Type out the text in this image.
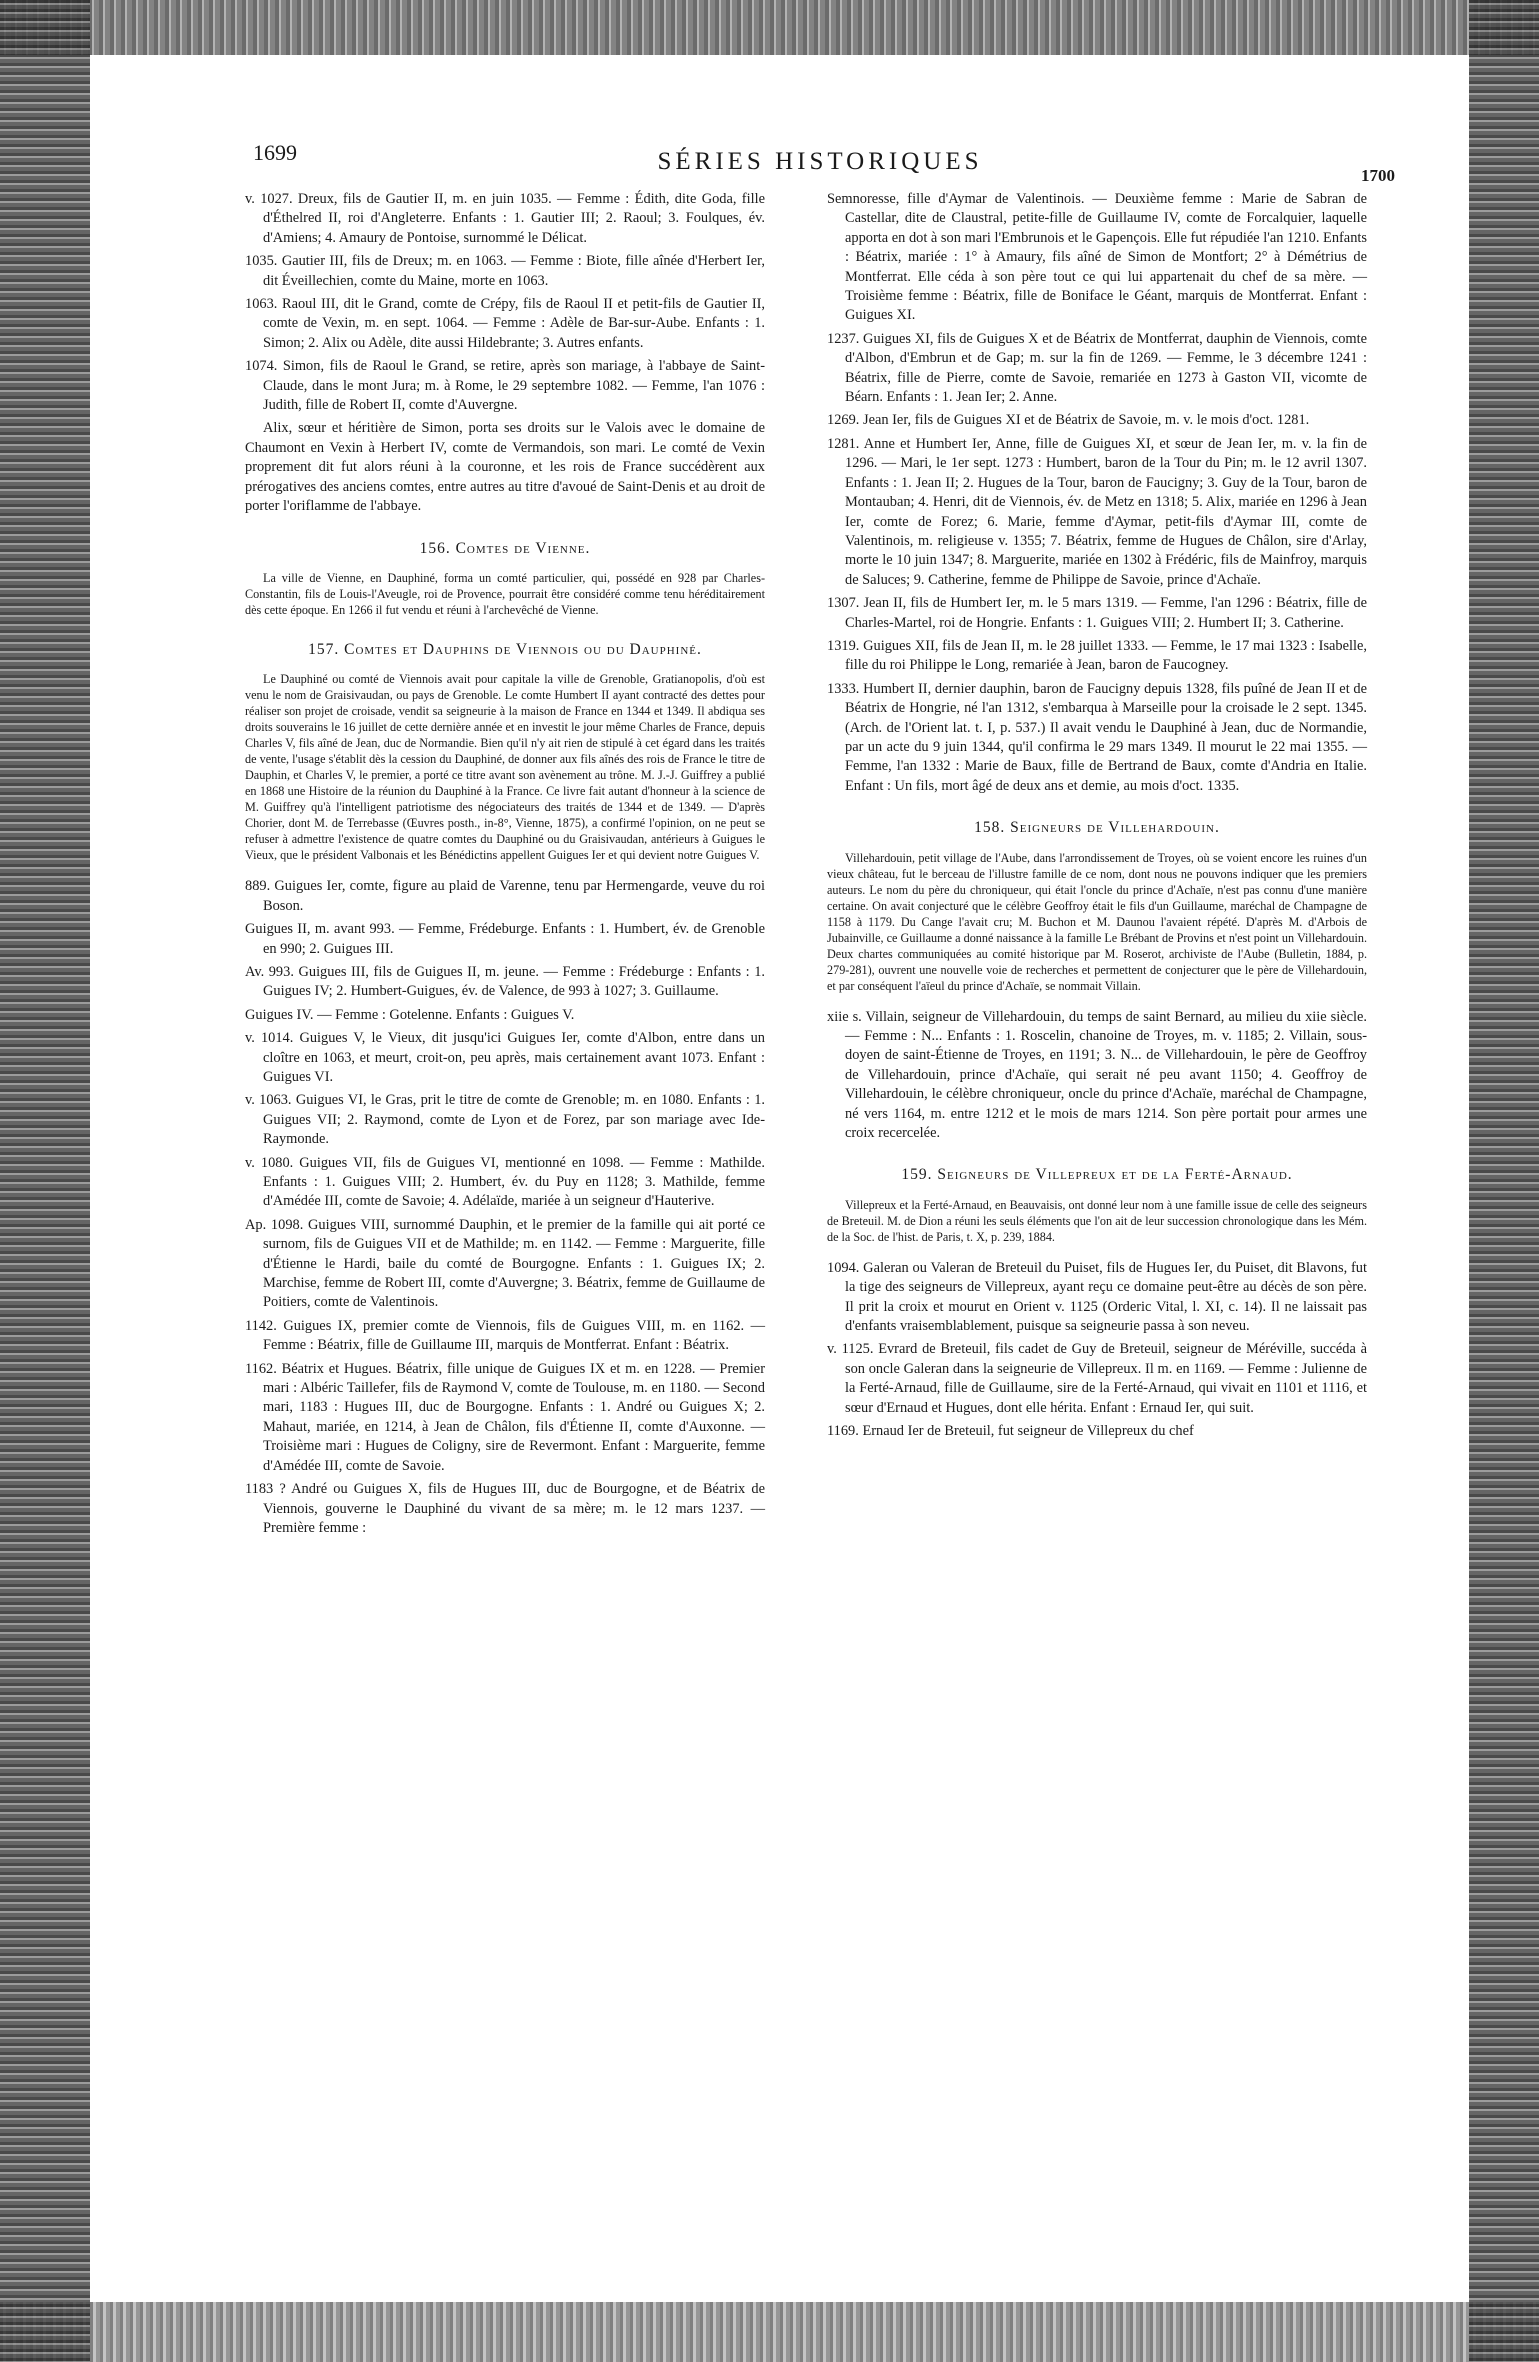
1699	SÉRIES HISTORIQUES
1700

v. 1027. Dreux, fils de Gautier II, m. en juin 1035. — Femme : Édith, dite Goda, fille d'Éthelred II, roi d'Angleterre. Enfants : 1. Gautier III; 2. Raoul; 3. Foulques, év. d'Amiens; 4. Amaury de Pontoise, surnommé le Délicat.

1035. Gautier III, fils de Dreux; m. en 1063. — Femme : Biote, fille aînée d'Herbert Ier, dit Éveillechien, comte du Maine, morte en 1063.

1063. Raoul III, dit le Grand, comte de Crépy, fils de Raoul II et petit-fils de Gautier II, comte de Vexin, m. en sept. 1064. — Femme : Adèle de Bar-sur-Aube. Enfants : 1. Simon; 2. Alix ou Adèle, dite aussi Hildebrante; 3. Autres enfants.

1074. Simon, fils de Raoul le Grand, se retire, après son mariage, à l'abbaye de Saint-Claude, dans le mont Jura; m. à Rome, le 29 septembre 1082. — Femme, l'an 1076 : Judith, fille de Robert II, comte d'Auvergne.

Alix, sœur et héritière de Simon, porta ses droits sur le Valois avec le domaine de Chaumont en Vexin à Herbert IV, comte de Vermandois, son mari. Le comté de Vexin proprement dit fut alors réuni à la couronne, et les rois de France succédèrent aux prérogatives des anciens comtes, entre autres au titre d'avoué de Saint-Denis et au droit de porter l'oriflamme de l'abbaye.

156. Comtes de Vienne.

La ville de Vienne, en Dauphiné, forma un comté particulier, qui, possédé en 928 par Charles-Constantin, fils de Louis-l'Aveugle, roi de Provence, pourrait être considéré comme tenu héréditairement dès cette époque. En 1266 il fut vendu et réuni à l'archevêché de Vienne.

157. Comtes et Dauphins de Viennois ou du Dauphiné.

Le Dauphiné ou comté de Viennois avait pour capitale la ville de Grenoble, Gratianopolis, d'où est venu le nom de Graisivaudan, ou pays de Grenoble. Le comte Humbert II ayant contracté des dettes pour réaliser son projet de croisade, vendit sa seigneurie à la maison de France en 1344 et 1349. Il abdiqua ses droits souverains le 16 juillet de cette dernière année et en investit le jour même Charles de France, depuis Charles V, fils aîné de Jean, duc de Normandie. Bien qu'il n'y ait rien de stipulé à cet égard dans les traités de vente, l'usage s'établit dès la cession du Dauphiné, de donner aux fils aînés des rois de France le titre de Dauphin, et Charles V, le premier, a porté ce titre avant son avènement au trône. M. J.-J. Guiffrey a publié en 1868 une Histoire de la réunion du Dauphiné à la France. Ce livre fait autant d'honneur à la science de M. Guiffrey qu'à l'intelligent patriotisme des négociateurs des traités de 1344 et de 1349. — D'après Chorier, dont M. de Terrebasse (Œuvres posth., in-8°, Vienne, 1875), a confirmé l'opinion, on ne peut se refuser à admettre l'existence de quatre comtes du Dauphiné ou du Graisivaudan, antérieurs à Guigues le Vieux, que le président Valbonais et les Bénédictins appellent Guigues Ier et qui devient notre Guigues V.

889. Guigues Ier, comte, figure au plaid de Varenne, tenu par Hermengarde, veuve du roi Boson.

Guigues II, m. avant 993. — Femme, Frédeburge. Enfants : 1. Humbert, év. de Grenoble en 990; 2. Guigues III.

Av. 993. Guigues III, fils de Guigues II, m. jeune. — Femme : Frédeburge : Enfants : 1. Guigues IV; 2. Humbert-Guigues, év. de Valence, de 993 à 1027; 3. Guillaume.

Guigues IV. — Femme : Gotelenne. Enfants : Guigues V.

v. 1014. Guigues V, le Vieux, dit jusqu'ici Guigues Ier, comte d'Albon, entre dans un cloître en 1063, et meurt, croit-on, peu après, mais certainement avant 1073. Enfant : Guigues VI.

v. 1063. Guigues VI, le Gras, prit le titre de comte de Grenoble; m. en 1080. Enfants : 1. Guigues VII; 2. Raymond, comte de Lyon et de Forez, par son mariage avec Ide-Raymonde.

v. 1080. Guigues VII, fils de Guigues VI, mentionné en 1098. — Femme : Mathilde. Enfants : 1. Guigues VIII; 2. Humbert, év. du Puy en 1128; 3. Mathilde, femme d'Amédée III, comte de Savoie; 4. Adélaïde, mariée à un seigneur d'Hauterive.

Ap. 1098. Guigues VIII, surnommé Dauphin, et le premier de la famille qui ait porté ce surnom, fils de Guigues VII et de Mathilde; m. en 1142. — Femme : Marguerite, fille d'Étienne le Hardi, baile du comté de Bourgogne. Enfants : 1. Guigues IX; 2. Marchise, femme de Robert III, comte d'Auvergne; 3. Béatrix, femme de Guillaume de Poitiers, comte de Valentinois.

1142. Guigues IX, premier comte de Viennois, fils de Guigues VIII, m. en 1162. — Femme : Béatrix, fille de Guillaume III, marquis de Montferrat. Enfant : Béatrix.

1162. Béatrix et Hugues. Béatrix, fille unique de Guigues IX et m. en 1228. — Premier mari : Albéric Taillefer, fils de Raymond V, comte de Toulouse, m. en 1180. — Second mari, 1183 : Hugues III, duc de Bourgogne. Enfants : 1. André ou Guigues X; 2. Mahaut, mariée, en 1214, à Jean de Châlon, fils d'Étienne II, comte d'Auxonne. — Troisième mari : Hugues de Coligny, sire de Revermont. Enfant : Marguerite, femme d'Amédée III, comte de Savoie.

1183 ? André ou Guigues X, fils de Hugues III, duc de Bourgogne, et de Béatrix de Viennois, gouverne le Dauphiné du vivant de sa mère; m. le 12 mars 1237. — Première femme :

Semnoresse, fille d'Aymar de Valentinois. — Deuxième femme : Marie de Sabran de Castellar, dite de Claustral, petite-fille de Guillaume IV, comte de Forcalquier, laquelle apporta en dot à son mari l'Embrunois et le Gapençois. Elle fut répudiée l'an 1210. Enfants : Béatrix, mariée : 1° à Amaury, fils aîné de Simon de Montfort; 2° à Démétrius de Montferrat. Elle céda à son père tout ce qui lui appartenait du chef de sa mère. — Troisième femme : Béatrix, fille de Boniface le Géant, marquis de Montferrat. Enfant : Guigues XI.

1237. Guigues XI, fils de Guigues X et de Béatrix de Montferrat, dauphin de Viennois, comte d'Albon, d'Embrun et de Gap; m. sur la fin de 1269. — Femme, le 3 décembre 1241 : Béatrix, fille de Pierre, comte de Savoie, remariée en 1273 à Gaston VII, vicomte de Béarn. Enfants : 1. Jean Ier; 2. Anne.

1269. Jean Ier, fils de Guigues XI et de Béatrix de Savoie, m. v. le mois d'oct. 1281.

1281. Anne et Humbert Ier, Anne, fille de Guigues XI, et sœur de Jean Ier, m. v. la fin de 1296. — Mari, le 1er sept. 1273 : Humbert, baron de la Tour du Pin; m. le 12 avril 1307. Enfants : 1. Jean II; 2. Hugues de la Tour, baron de Faucigny; 3. Guy de la Tour, baron de Montauban; 4. Henri, dit de Viennois, év. de Metz en 1318; 5. Alix, mariée en 1296 à Jean Ier, comte de Forez; 6. Marie, femme d'Aymar, petit-fils d'Aymar III, comte de Valentinois, m. religieuse v. 1355; 7. Béatrix, femme de Hugues de Châlon, sire d'Arlay, morte le 10 juin 1347; 8. Marguerite, mariée en 1302 à Frédéric, fils de Mainfroy, marquis de Saluces; 9. Catherine, femme de Philippe de Savoie, prince d'Achaïe.

1307. Jean II, fils de Humbert Ier, m. le 5 mars 1319. — Femme, l'an 1296 : Béatrix, fille de Charles-Martel, roi de Hongrie. Enfants : 1. Guigues VIII; 2. Humbert II; 3. Catherine.

1319. Guigues XII, fils de Jean II, m. le 28 juillet 1333. — Femme, le 17 mai 1323 : Isabelle, fille du roi Philippe le Long, remariée à Jean, baron de Faucogney.

1333. Humbert II, dernier dauphin, baron de Faucigny depuis 1328, fils puîné de Jean II et de Béatrix de Hongrie, né l'an 1312, s'embarqua à Marseille pour la croisade le 2 sept. 1345. (Arch. de l'Orient lat. t. I, p. 537.) Il avait vendu le Dauphiné à Jean, duc de Normandie, par un acte du 9 juin 1344, qu'il confirma le 29 mars 1349. Il mourut le 22 mai 1355. — Femme, l'an 1332 : Marie de Baux, fille de Bertrand de Baux, comte d'Andria en Italie. Enfant : Un fils, mort âgé de deux ans et demie, au mois d'oct. 1335.

158. Seigneurs de Villehardouin.

Villehardouin, petit village de l'Aube, dans l'arrondissement de Troyes, où se voient encore les ruines d'un vieux château, fut le berceau de l'illustre famille de ce nom, dont nous ne pouvons indiquer que les premiers auteurs. Le nom du père du chroniqueur, qui était l'oncle du prince d'Achaïe, n'est pas connu d'une manière certaine. On avait conjecturé que le célèbre Geoffroy était le fils d'un Guillaume, maréchal de Champagne de 1158 à 1179. Du Cange l'avait cru; M. Buchon et M. Daunou l'avaient répété. D'après M. d'Arbois de Jubainville, ce Guillaume a donné naissance à la famille Le Brébant de Provins et n'est point un Villehardouin. Deux chartes communiquées au comité historique par M. Roserot, archiviste de l'Aube (Bulletin, 1884, p. 279-281), ouvrent une nouvelle voie de recherches et permettent de conjecturer que le père de Villehardouin, et par conséquent l'aïeul du prince d'Achaïe, se nommait Villain.

xiie s. Villain, seigneur de Villehardouin, du temps de saint Bernard, au milieu du xiie siècle. — Femme : N... Enfants : 1. Roscelin, chanoine de Troyes, m. v. 1185; 2. Villain, sous-doyen de saint-Étienne de Troyes, en 1191; 3. N... de Villehardouin, le père de Geoffroy de Villehardouin, prince d'Achaïe, qui serait né peu avant 1150; 4. Geoffroy de Villehardouin, le célèbre chroniqueur, oncle du prince d'Achaïe, maréchal de Champagne, né vers 1164, m. entre 1212 et le mois de mars 1214. Son père portait pour armes une croix recercelée.

159. Seigneurs de Villepreux et de la Ferté-Arnaud.

Villepreux et la Ferté-Arnaud, en Beauvaisis, ont donné leur nom à une famille issue de celle des seigneurs de Breteuil. M. de Dion a réuni les seuls éléments que l'on ait de leur succession chronologique dans les Mém. de la Soc. de l'hist. de Paris, t. X, p. 239, 1884.

1094. Galeran ou Valeran de Breteuil du Puiset, fils de Hugues Ier, du Puiset, dit Blavons, fut la tige des seigneurs de Villepreux, ayant reçu ce domaine peut-être au décès de son père. Il prit la croix et mourut en Orient v. 1125 (Orderic Vital, l. XI, c. 14). Il ne laissait pas d'enfants vraisemblablement, puisque sa seigneurie passa à son neveu.

v. 1125. Evrard de Breteuil, fils cadet de Guy de Breteuil, seigneur de Méréville, succéda à son oncle Galeran dans la seigneurie de Villepreux. Il m. en 1169. — Femme : Julienne de la Ferté-Arnaud, fille de Guillaume, sire de la Ferté-Arnaud, qui vivait en 1101 et 1116, et sœur d'Ernaud et Hugues, dont elle hérita. Enfant : Ernaud Ier, qui suit.

1169. Ernaud Ier de Breteuil, fut seigneur de Villepreux du chef
